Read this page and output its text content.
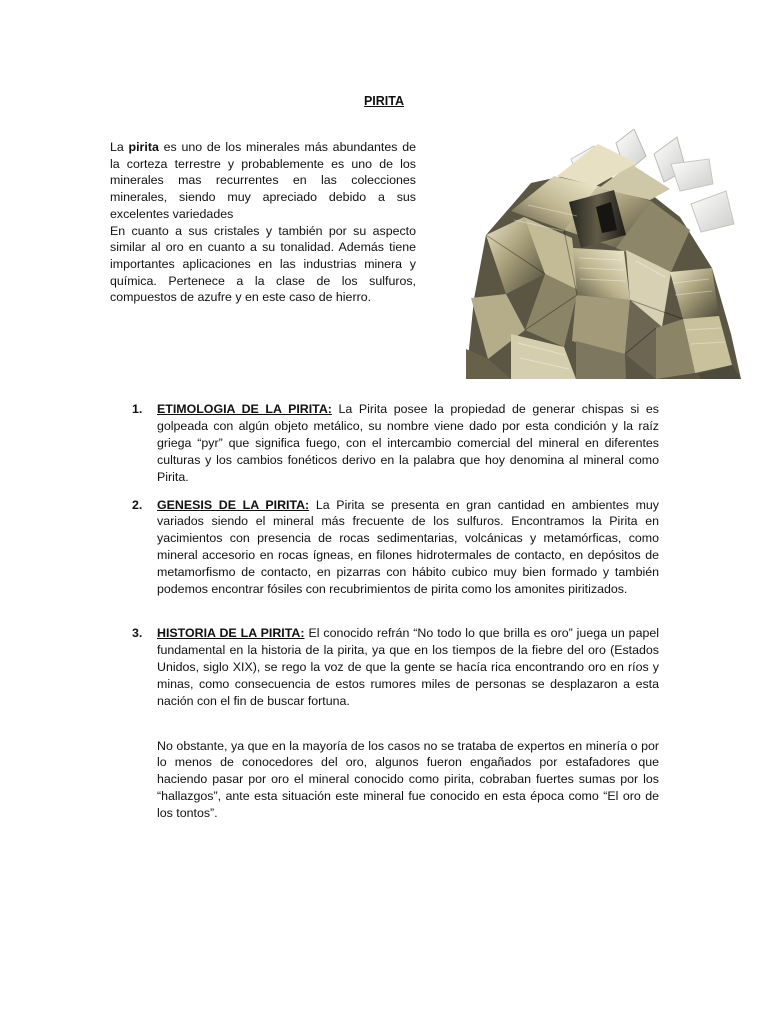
PIRITA

La pirita es uno de los minerales más abundantes de la corteza terrestre y probablemente es uno de los minerales mas recurrentes en las colecciones minerales, siendo muy apreciado debido a sus excelentes variedades

En cuanto a sus cristales y también por su aspecto similar al oro en cuanto a su tonalidad. Además tiene importantes aplicaciones en las industrias minera y química. Pertenece a la clase de los sulfuros, compuestos de azufre y en este caso de hierro.

1. ETIMOLOGIA DE LA PIRITA: La Pirita posee la propiedad de generar chispas si es golpeada con algún objeto metálico, su nombre viene dado por esta condición y la raíz griega “pyr” que significa fuego, con el intercambio comercial del mineral en diferentes culturas y los cambios fonéticos derivo en la palabra que hoy denomina al mineral como Pirita.

2. GENESIS DE LA PIRITA: La Pirita se presenta en gran cantidad en ambientes muy variados siendo el mineral más frecuente de los sulfuros. Encontramos la Pirita en yacimientos con presencia de rocas sedimentarias, volcánicas y metamórficas, como mineral accesorio en rocas ígneas, en filones hidrotermales de contacto, en depósitos de metamorfismo de contacto, en pizarras con hábito cubico muy bien formado y también podemos encontrar fósiles con recubrimientos de pirita como los amonites piritizados.

3. HISTORIA DE LA PIRITA: El conocido refrán “No todo lo que brilla es oro” juega un papel fundamental en la historia de la pirita, ya que en los tiempos de la fiebre del oro (Estados Unidos, siglo XIX), se rego la voz de que la gente se hacía rica encontrando oro en ríos y minas, como consecuencia de estos rumores miles de personas se desplazaron a esta nación con el fin de buscar fortuna.

No obstante, ya que en la mayoría de los casos no se trataba de expertos en minería o por lo menos de conocedores del oro, algunos fueron engañados por estafadores que haciendo pasar por oro el mineral conocido como pirita, cobraban fuertes sumas por los “hallazgos”, ante esta situación este mineral fue conocido en esta época como “El oro de los tontos”.
